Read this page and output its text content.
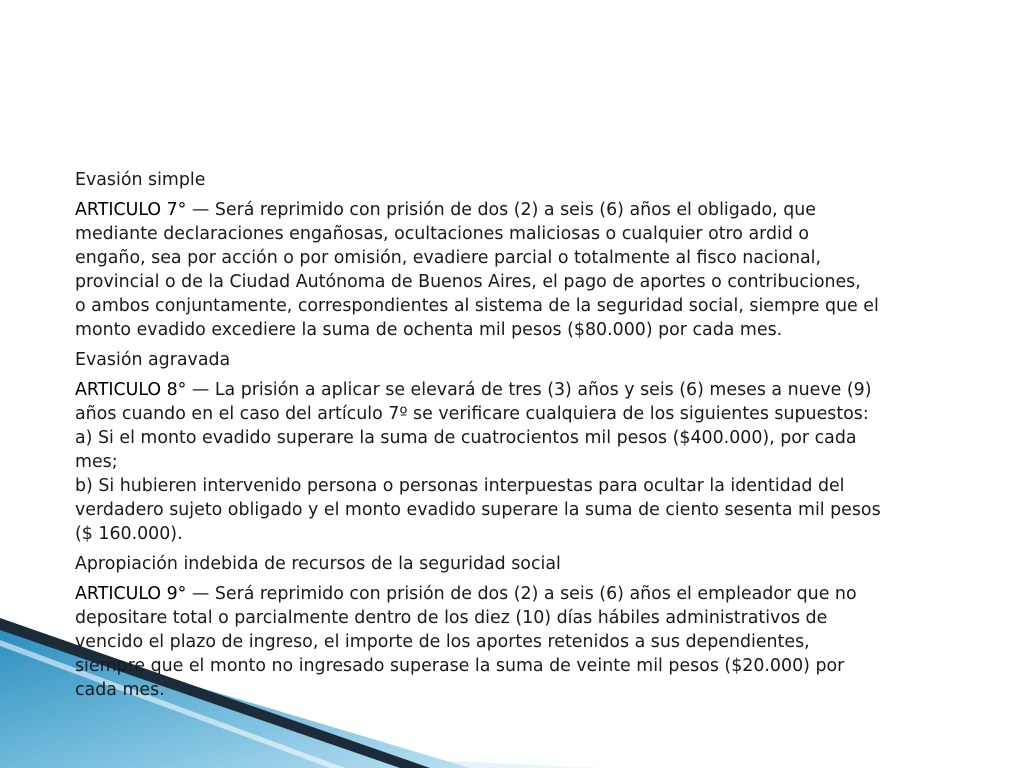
Evasión simple
ARTICULO 7° — Será reprimido con prisión de dos (2) a seis (6) años el obligado, que
mediante declaraciones engañosas, ocultaciones maliciosas o cualquier otro ardid o
engaño, sea por acción o por omisión, evadiere parcial o totalmente al fisco nacional,
provincial o de la Ciudad Autónoma de Buenos Aires, el pago de aportes o contribuciones,
o ambos conjuntamente, correspondientes al sistema de la seguridad social, siempre que el
monto evadido excediere la suma de ochenta mil pesos ($80.000) por cada mes.
Evasión agravada
ARTICULO 8° — La prisión a aplicar se elevará de tres (3) años y seis (6) meses a nueve (9)
años cuando en el caso del artículo 7º se verificare cualquiera de los siguientes supuestos:
a) Si el monto evadido superare la suma de cuatrocientos mil pesos ($400.000), por cada
mes;
b) Si hubieren intervenido persona o personas interpuestas para ocultar la identidad del
verdadero sujeto obligado y el monto evadido superare la suma de ciento sesenta mil pesos
($ 160.000).
Apropiación indebida de recursos de la seguridad social
ARTICULO 9° — Será reprimido con prisión de dos (2) a seis (6) años el empleador que no
depositare total o parcialmente dentro de los diez (10) días hábiles administrativos de
vencido el plazo de ingreso, el importe de los aportes retenidos a sus dependientes,
siempre que el monto no ingresado superase la suma de veinte mil pesos ($20.000) por
cada mes.
